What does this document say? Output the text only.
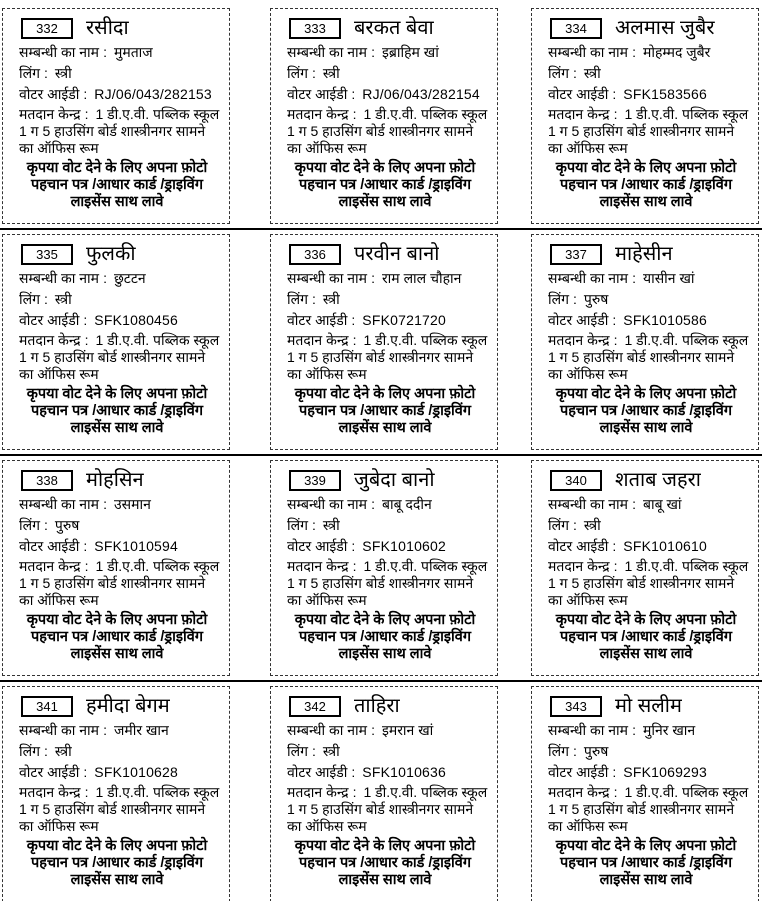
332	रसीदा
सम्बन्धी का नाम : मुमताज
लिंग : स्त्री
वोटर आईडी : RJ/06/043/282153
मतदान केन्द्र : 1 डी.ए.वी. पब्लिक स्कूल 1 ग 5 हाउसिंग बोर्ड शास्त्रीनगर सामने का ऑफिस रूम
कृपया वोट देने के लिए अपना फ़ोटो पहचान पत्र /आधार कार्ड /ड्राइविंग लाइसेंस साथ लावे
333	बरकत बेवा
सम्बन्धी का नाम : इब्राहिम खां
लिंग : स्त्री
वोटर आईडी : RJ/06/043/282154
मतदान केन्द्र : 1 डी.ए.वी. पब्लिक स्कूल 1 ग 5 हाउसिंग बोर्ड शास्त्रीनगर सामने का ऑफिस रूम
कृपया वोट देने के लिए अपना फ़ोटो पहचान पत्र /आधार कार्ड /ड्राइविंग लाइसेंस साथ लावे
334	अलमास जुबैर
सम्बन्धी का नाम : मोहम्मद जुबैर
लिंग : स्त्री
वोटर आईडी : SFK1583566
मतदान केन्द्र : 1 डी.ए.वी. पब्लिक स्कूल 1 ग 5 हाउसिंग बोर्ड शास्त्रीनगर सामने का ऑफिस रूम
कृपया वोट देने के लिए अपना फ़ोटो पहचान पत्र /आधार कार्ड /ड्राइविंग लाइसेंस साथ लावे
335	फुलकी
सम्बन्धी का नाम : छुटटन
लिंग : स्त्री
वोटर आईडी : SFK1080456
मतदान केन्द्र : 1 डी.ए.वी. पब्लिक स्कूल 1 ग 5 हाउसिंग बोर्ड शास्त्रीनगर सामने का ऑफिस रूम
कृपया वोट देने के लिए अपना फ़ोटो पहचान पत्र /आधार कार्ड /ड्राइविंग लाइसेंस साथ लावे
336	परवीन बानो
सम्बन्धी का नाम : राम लाल चौहान
लिंग : स्त्री
वोटर आईडी : SFK0721720
मतदान केन्द्र : 1 डी.ए.वी. पब्लिक स्कूल 1 ग 5 हाउसिंग बोर्ड शास्त्रीनगर सामने का ऑफिस रूम
कृपया वोट देने के लिए अपना फ़ोटो पहचान पत्र /आधार कार्ड /ड्राइविंग लाइसेंस साथ लावे
337	माहेसीन
सम्बन्धी का नाम : यासीन खां
लिंग : पुरुष
वोटर आईडी : SFK1010586
मतदान केन्द्र : 1 डी.ए.वी. पब्लिक स्कूल 1 ग 5 हाउसिंग बोर्ड शास्त्रीनगर सामने का ऑफिस रूम
कृपया वोट देने के लिए अपना फ़ोटो पहचान पत्र /आधार कार्ड /ड्राइविंग लाइसेंस साथ लावे
338	मोहसिन
सम्बन्धी का नाम : उसमान
लिंग : पुरुष
वोटर आईडी : SFK1010594
मतदान केन्द्र : 1 डी.ए.वी. पब्लिक स्कूल 1 ग 5 हाउसिंग बोर्ड शास्त्रीनगर सामने का ऑफिस रूम
कृपया वोट देने के लिए अपना फ़ोटो पहचान पत्र /आधार कार्ड /ड्राइविंग लाइसेंस साथ लावे
339	जुबेदा बानो
सम्बन्धी का नाम : बाबू ददीन
लिंग : स्त्री
वोटर आईडी : SFK1010602
मतदान केन्द्र : 1 डी.ए.वी. पब्लिक स्कूल 1 ग 5 हाउसिंग बोर्ड शास्त्रीनगर सामने का ऑफिस रूम
कृपया वोट देने के लिए अपना फ़ोटो पहचान पत्र /आधार कार्ड /ड्राइविंग लाइसेंस साथ लावे
340	शताब जहरा
सम्बन्धी का नाम : बाबू खां
लिंग : स्त्री
वोटर आईडी : SFK1010610
मतदान केन्द्र : 1 डी.ए.वी. पब्लिक स्कूल 1 ग 5 हाउसिंग बोर्ड शास्त्रीनगर सामने का ऑफिस रूम
कृपया वोट देने के लिए अपना फ़ोटो पहचान पत्र /आधार कार्ड /ड्राइविंग लाइसेंस साथ लावे
341	हमीदा बेगम
सम्बन्धी का नाम : जमीर खान
लिंग : स्त्री
वोटर आईडी : SFK1010628
मतदान केन्द्र : 1 डी.ए.वी. पब्लिक स्कूल 1 ग 5 हाउसिंग बोर्ड शास्त्रीनगर सामने का ऑफिस रूम
कृपया वोट देने के लिए अपना फ़ोटो पहचान पत्र /आधार कार्ड /ड्राइविंग लाइसेंस साथ लावे
342	ताहिरा
सम्बन्धी का नाम : इमरान खां
लिंग : स्त्री
वोटर आईडी : SFK1010636
मतदान केन्द्र : 1 डी.ए.वी. पब्लिक स्कूल 1 ग 5 हाउसिंग बोर्ड शास्त्रीनगर सामने का ऑफिस रूम
कृपया वोट देने के लिए अपना फ़ोटो पहचान पत्र /आधार कार्ड /ड्राइविंग लाइसेंस साथ लावे
343	मो सलीम
सम्बन्धी का नाम : मुनिर खान
लिंग : पुरुष
वोटर आईडी : SFK1069293
मतदान केन्द्र : 1 डी.ए.वी. पब्लिक स्कूल 1 ग 5 हाउसिंग बोर्ड शास्त्रीनगर सामने का ऑफिस रूम
कृपया वोट देने के लिए अपना फ़ोटो पहचान पत्र /आधार कार्ड /ड्राइविंग लाइसेंस साथ लावे
